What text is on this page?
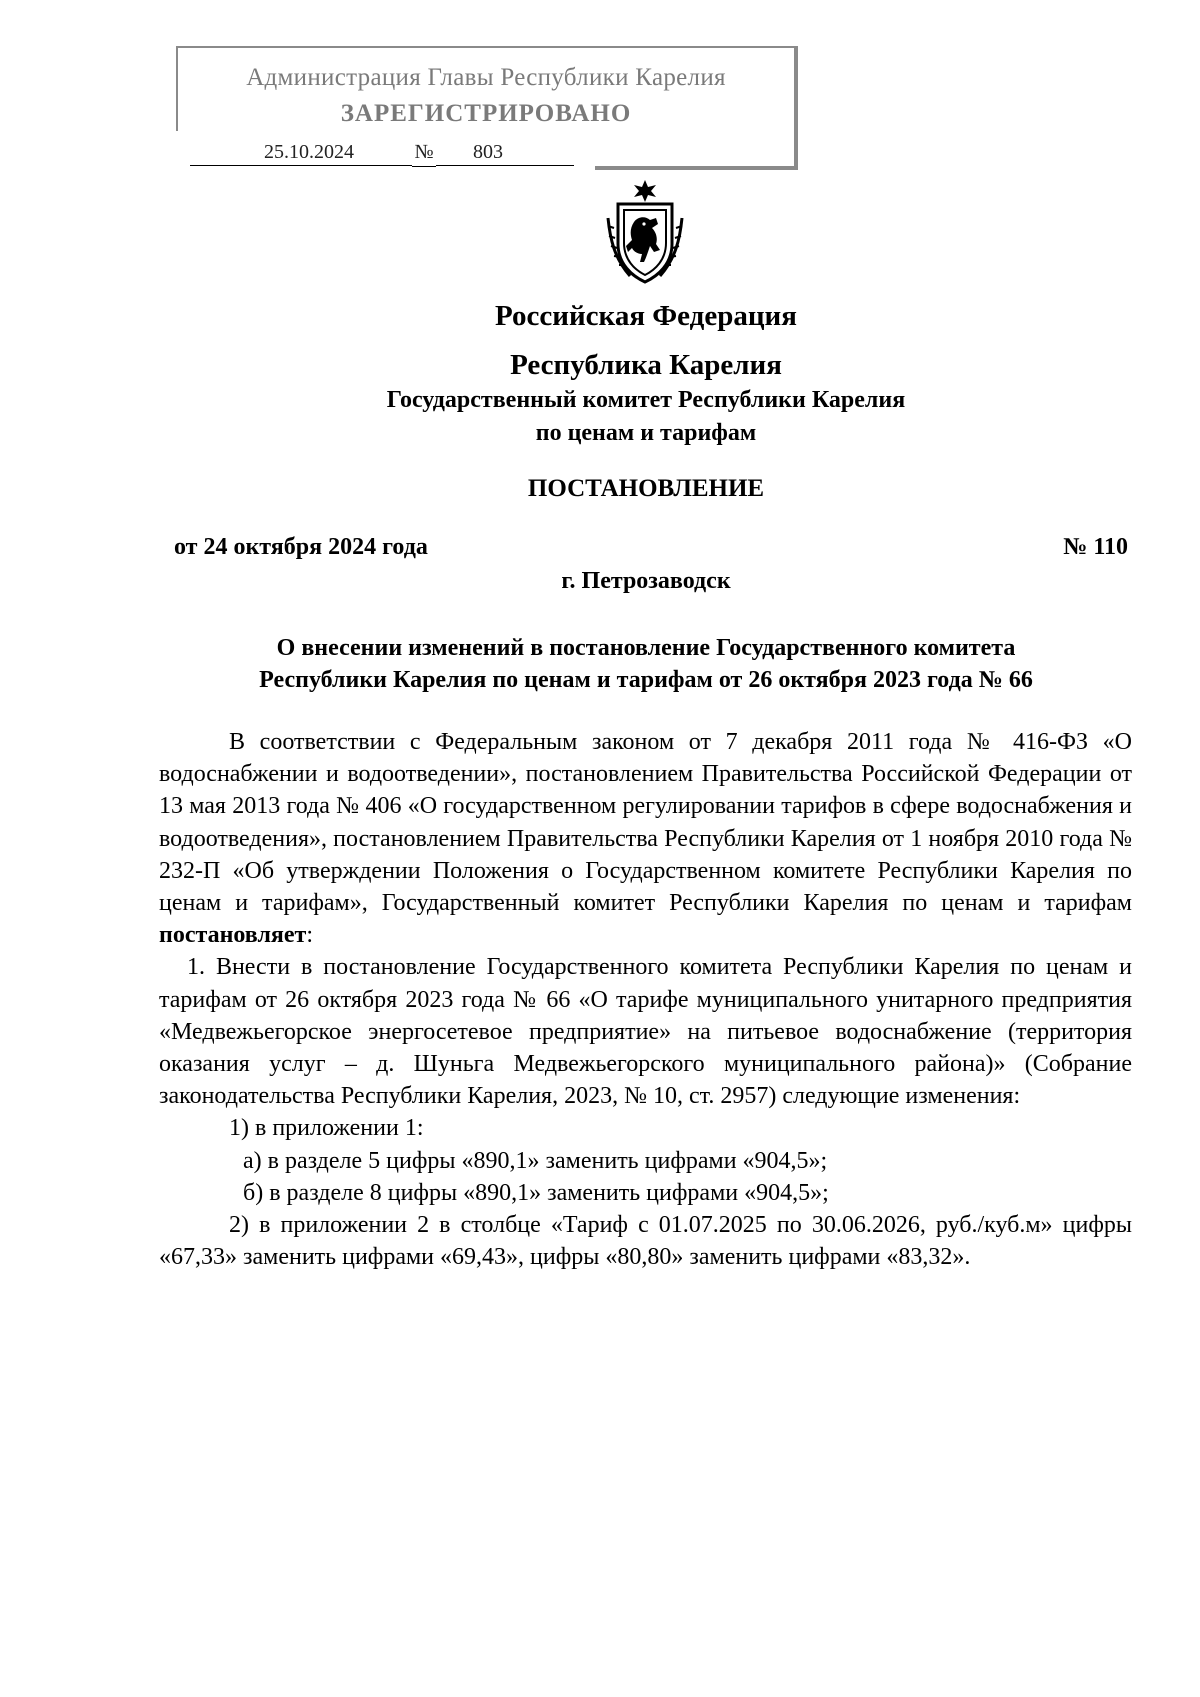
Администрация Главы Республики Карелия
ЗАРЕГИСТРИРОВАНО
25.10.2024	№	803
Российская Федерация
Республика Карелия
Государственный комитет Республики Карелия
по ценам и тарифам
ПОСТАНОВЛЕНИЕ
от 24 октября 2024 года	№ 110
г. Петрозаводск
О внесении изменений в постановление Государственного комитета
Республики Карелия по ценам и тарифам от 26 октября 2023 года № 66

В соответствии с Федеральным законом от 7 декабря 2011 года № 416-ФЗ «О водоснабжении и водоотведении», постановлением Правительства Российской Федерации от 13 мая 2013 года № 406 «О государственном регулировании тарифов в сфере водоснабжения и водоотведения», постановлением Правительства Республики Карелия от 1 ноября 2010 года № 232-П «Об утверждении Положения о Государственном комитете Республики Карелия по ценам и тарифам», Государственный комитет Республики Карелия по ценам и тарифам постановляет:

1. Внести в постановление Государственного комитета Республики Карелия по ценам и тарифам от 26 октября 2023 года № 66 «О тарифе муниципального унитарного предприятия «Медвежьегорское энергосетевое предприятие» на питьевое водоснабжение (территория оказания услуг – д. Шуньга Медвежьегорского муниципального района)» (Собрание законодательства Республики Карелия, 2023, № 10, ст. 2957) следующие изменения:

1) в приложении 1:

а) в разделе 5 цифры «890,1» заменить цифрами «904,5»;

б) в разделе 8 цифры «890,1» заменить цифрами «904,5»;

2) в приложении 2 в столбце «Тариф с 01.07.2025 по 30.06.2026, руб./куб.м» цифры «67,33» заменить цифрами «69,43», цифры «80,80» заменить цифрами «83,32».
